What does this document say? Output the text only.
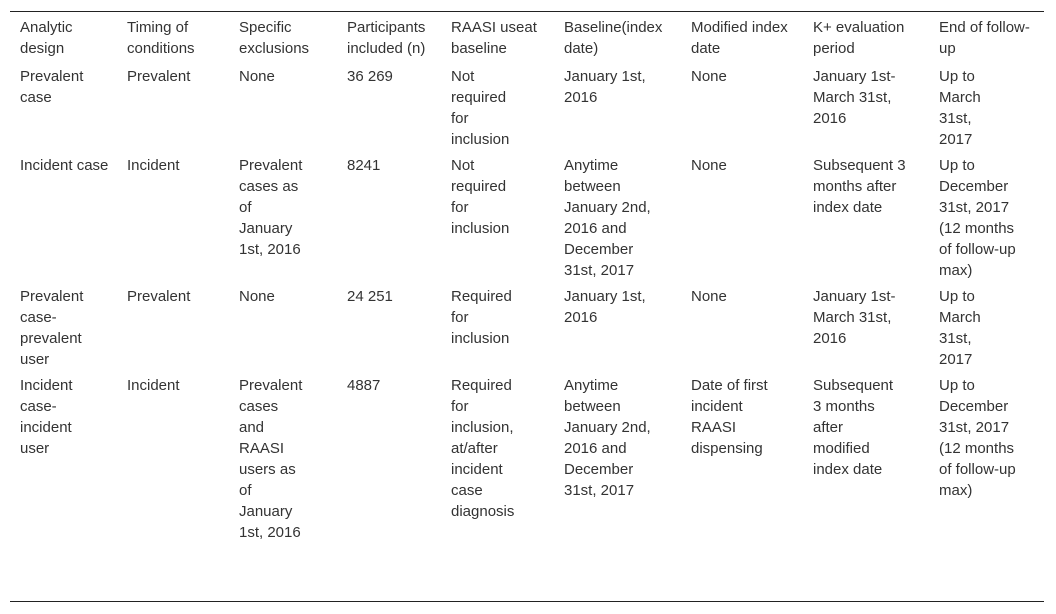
Analytic design	Timing of conditions	Specific exclusions	Participants included (n)	RAASI useat baseline	Baseline(index date)	Modified index date	K+ evaluation period	End of follow-up
Prevalent case	Prevalent	None	36 269	Not required for inclusion	January 1st, 2016	None	January 1st-March 31st, 2016	Up to March 31st, 2017
Incident case	Incident	Prevalent cases as of January 1st, 2016	8241	Not required for inclusion	Anytime between January 2nd, 2016 and December 31st, 2017	None	Subsequent 3 months after index date	Up to December 31st, 2017 (12 months of follow-up max)
Prevalent case-prevalent user	Prevalent	None	24 251	Required for inclusion	January 1st, 2016	None	January 1st-March 31st, 2016	Up to March 31st, 2017
Incident case-incident user	Incident	Prevalent cases and RAASI users as of January 1st, 2016	4887	Required for inclusion, at/after incident case diagnosis	Anytime between January 2nd, 2016 and December 31st, 2017	Date of first incident RAASI dispensing	Subsequent 3 months after modified index date	Up to December 31st, 2017 (12 months of follow-up max)
